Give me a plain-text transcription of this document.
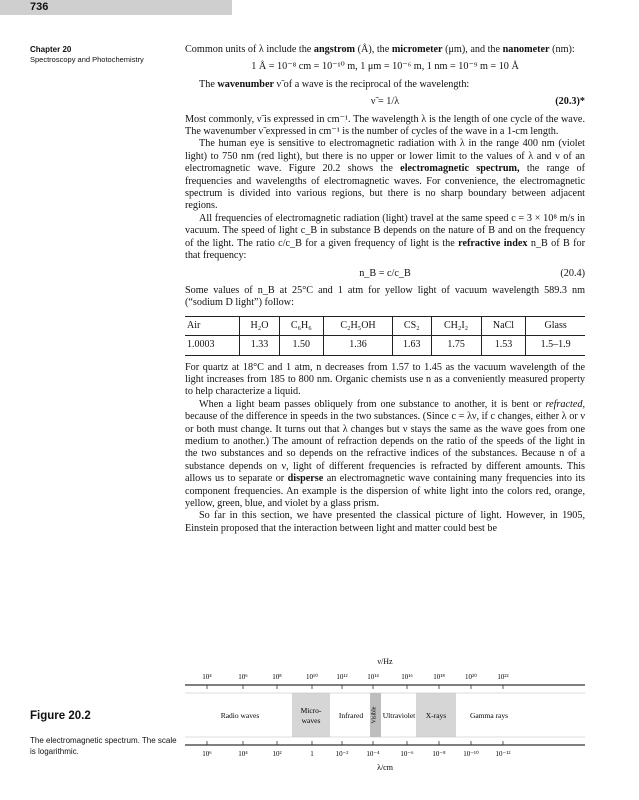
736
Chapter 20
Spectroscopy and Photochemistry

Common units of λ include the angstrom (Å), the micrometer (μm), and the nanometer (nm):

1 Å = 10⁻⁸ cm = 10⁻¹⁰ m, 1 μm = 10⁻⁶ m, 1 nm = 10⁻⁹ m = 10 Å

The wavenumber ν̃ of a wave is the reciprocal of the wavelength:

ν̃ = 1/λ	(20.3)*

Most commonly, ν̃ is expressed in cm⁻¹. The wavelength λ is the length of one cycle of the wave. The wavenumber ν̃ expressed in cm⁻¹ is the number of cycles of the wave in a 1-cm length.

The human eye is sensitive to electromagnetic radiation with λ in the range 400 nm (violet light) to 750 nm (red light), but there is no upper or lower limit to the values of λ and ν of an electromagnetic wave. Figure 20.2 shows the electromagnetic spectrum, the range of frequencies and wavelengths of electromagnetic waves. For convenience, the electromagnetic spectrum is divided into various regions, but there is no sharp boundary between adjacent regions.

All frequencies of electromagnetic radiation (light) travel at the same speed c = 3 × 10⁸ m/s in vacuum. The speed of light c_B in substance B depends on the nature of B and on the frequency of the light. The ratio c/c_B for a given frequency of light is the refractive index n_B of B for that frequency:

n_B = c/c_B	(20.4)

Some values of n_B at 25°C and 1 atm for yellow light of vacuum wavelength 589.3 nm (“sodium D light”) follow:

Air	H₂O	C₆H₆	C₂H₅OH	CS₂	CH₂I₂	NaCl	Glass
1.0003	1.33	1.50	1.36	1.63	1.75	1.53	1.5–1.9

For quartz at 18°C and 1 atm, n decreases from 1.57 to 1.45 as the vacuum wavelength of the light increases from 185 to 800 nm. Organic chemists use n as a conveniently measured property to help characterize a liquid.

When a light beam passes obliquely from one substance to another, it is bent or refracted, because of the difference in speeds in the two substances. (Since c = λν, if c changes, either λ or ν or both must change. It turns out that λ changes but ν stays the same as the wave goes from one medium to another.) The amount of refraction depends on the ratio of the speeds of the light in the two substances and so depends on the refractive indices of the substances. Because n of a substance depends on ν, light of different frequencies is refracted by different amounts. This allows us to separate or disperse an electromagnetic wave containing many frequencies into its component frequencies. An example is the dispersion of white light into the colors red, orange, yellow, green, blue, and violet by a glass prism.

So far in this section, we have presented the classical picture of light. However, in 1905, Einstein proposed that the interaction between light and matter could best be

Figure 20.2
The electromagnetic spectrum. The scale is logarithmic.
ν/Hz
10⁴	10⁶	10⁸	10¹⁰	10¹²	10¹⁴	10¹⁶	10¹⁸	10²⁰	10²²
Radio waves
Micro-
waves
Infrared Visible Ultraviolet X-rays	Gamma rays
10⁶	10⁴	10²	1	10⁻²	10⁻⁴	10⁻⁶	10⁻⁸	10⁻¹⁰ 10⁻¹²
λ/cm
